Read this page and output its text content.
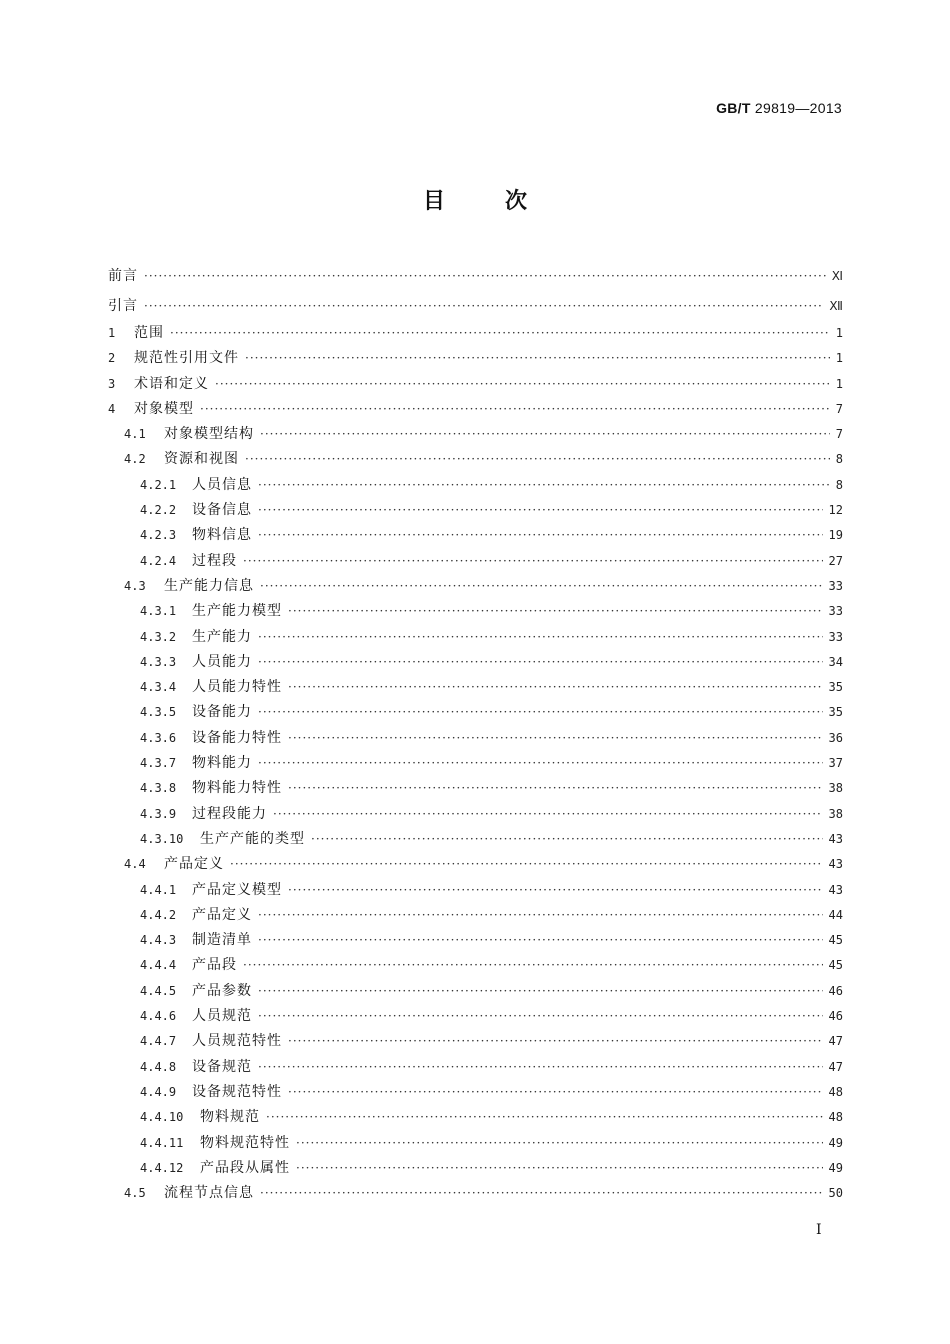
GB/T 29819—2013
目	次
前言 ·····	Ⅺ
引言 ·····	Ⅻ
1	范围 ·····	1
2	规范性引用文件 ·····	1
3	术语和定义 ·····	1
4	对象模型 ·····	7
4.1	对象模型结构 ·····	7
4.2	资源和视图 ·····	8
4.2.1	人员信息 ·····	8
4.2.2	设备信息 ·····	12
4.2.3	物料信息 ·····	19
4.2.4	过程段 ·····	27
4.3	生产能力信息 ·····	33
4.3.1	生产能力模型 ·····	33
4.3.2	生产能力 ·····	33
4.3.3	人员能力 ·····	34
4.3.4	人员能力特性 ·····	35
4.3.5	设备能力 ·····	35
4.3.6	设备能力特性 ·····	36
4.3.7	物料能力 ·····	37
4.3.8	物料能力特性 ·····	38
4.3.9	过程段能力 ·····	38
4.3.10	生产产能的类型 ·····	43
4.4	产品定义 ·····	43
4.4.1	产品定义模型 ·····	43
4.4.2	产品定义 ·····	44
4.4.3	制造清单 ·····	45
4.4.4	产品段 ·····	45
4.4.5	产品参数 ·····	46
4.4.6	人员规范 ·····	46
4.4.7	人员规范特性 ·····	47
4.4.8	设备规范 ·····	47
4.4.9	设备规范特性 ·····	48
4.4.10	物料规范 ·····	48
4.4.11	物料规范特性 ·····	49
4.4.12	产品段从属性 ·····	49
4.5	流程节点信息 ·····	50
I
